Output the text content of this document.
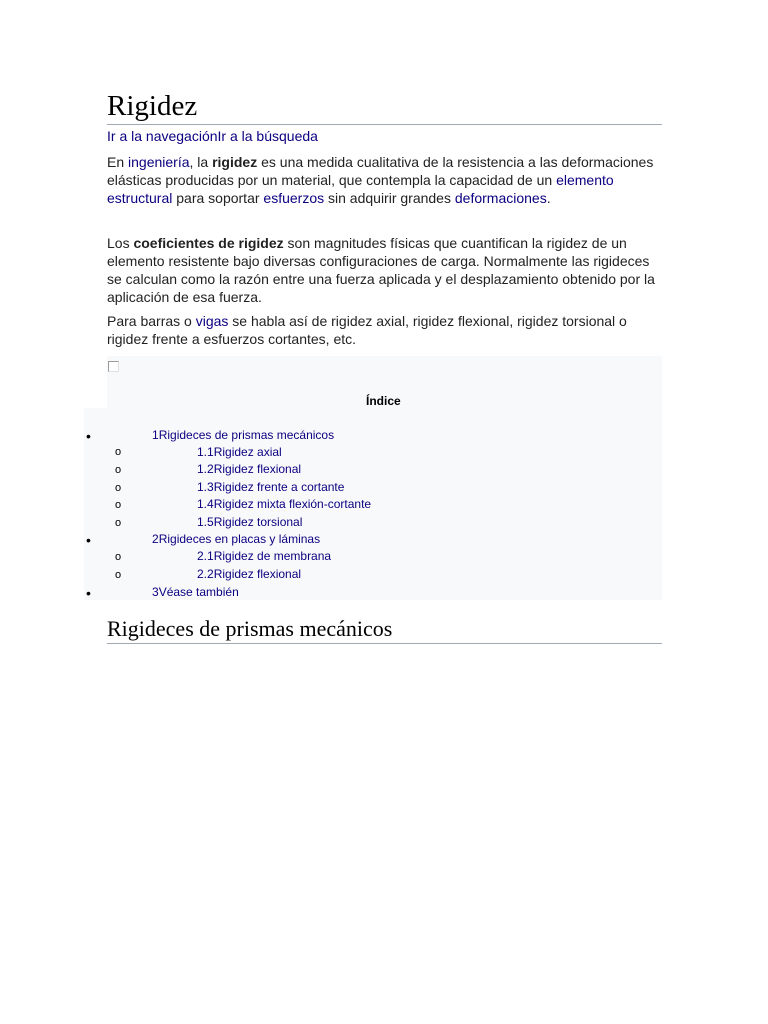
Rigidez
Ir a la navegaciónIr a la búsqueda

En ingeniería, la rigidez es una medida cualitativa de la resistencia a las deformaciones elásticas producidas por un material, que contempla la capacidad de un elemento estructural para soportar esfuerzos sin adquirir grandes deformaciones.

Los coeficientes de rigidez son magnitudes físicas que cuantifican la rigidez de un elemento resistente bajo diversas configuraciones de carga. Normalmente las rigideces se calculan como la razón entre una fuerza aplicada y el desplazamiento obtenido por la aplicación de esa fuerza.

Para barras o vigas se habla así de rigidez axial, rigidez flexional, rigidez torsional o rigidez frente a esfuerzos cortantes, etc.

Índice
•	1Rigideces de prismas mecánicos
o	1.1Rigidez axial
o	1.2Rigidez flexional
o	1.3Rigidez frente a cortante
o	1.4Rigidez mixta flexión-cortante
o	1.5Rigidez torsional
•	2Rigideces en placas y láminas
o	2.1Rigidez de membrana
o	2.2Rigidez flexional
•	3Véase también
Rigideces de prismas mecánicos
